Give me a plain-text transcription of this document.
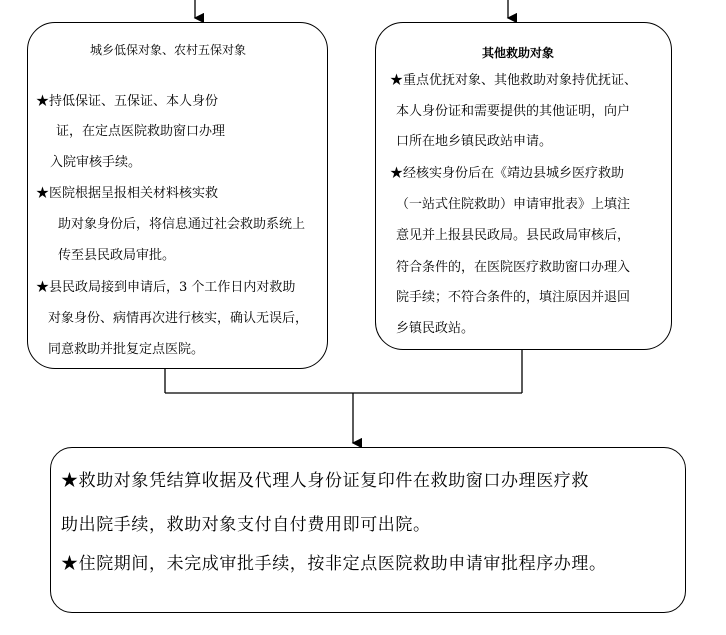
城乡低保对象、农村五保对象
★持低保证、五保证、本人身份
证，在定点医院救助窗口办理
入院审核手续。
★医院根据呈报相关材料核实救
助对象身份后，将信息通过社会救助系统上
传至县民政局审批。
★县民政局接到申请后，3 个工作日内对救助
对象身份、病情再次进行核实，确认无误后，
同意救助并批复定点医院。
其他救助对象
★重点优抚对象、其他救助对象持优抚证、
本人身份证和需要提供的其他证明，向户
口所在地乡镇民政站申请。
★经核实身份后在《靖边县城乡医疗救助
（一站式住院救助）申请审批表》上填注
意见并上报县民政局。县民政局审核后，
符合条件的，在医院医疗救助窗口办理入
院手续；不符合条件的，填注原因并退回
乡镇民政站。
★救助对象凭结算收据及代理人身份证复印件在救助窗口办理医疗救
助出院手续，救助对象支付自付费用即可出院。
★住院期间，未完成审批手续，按非定点医院救助申请审批程序办理。
